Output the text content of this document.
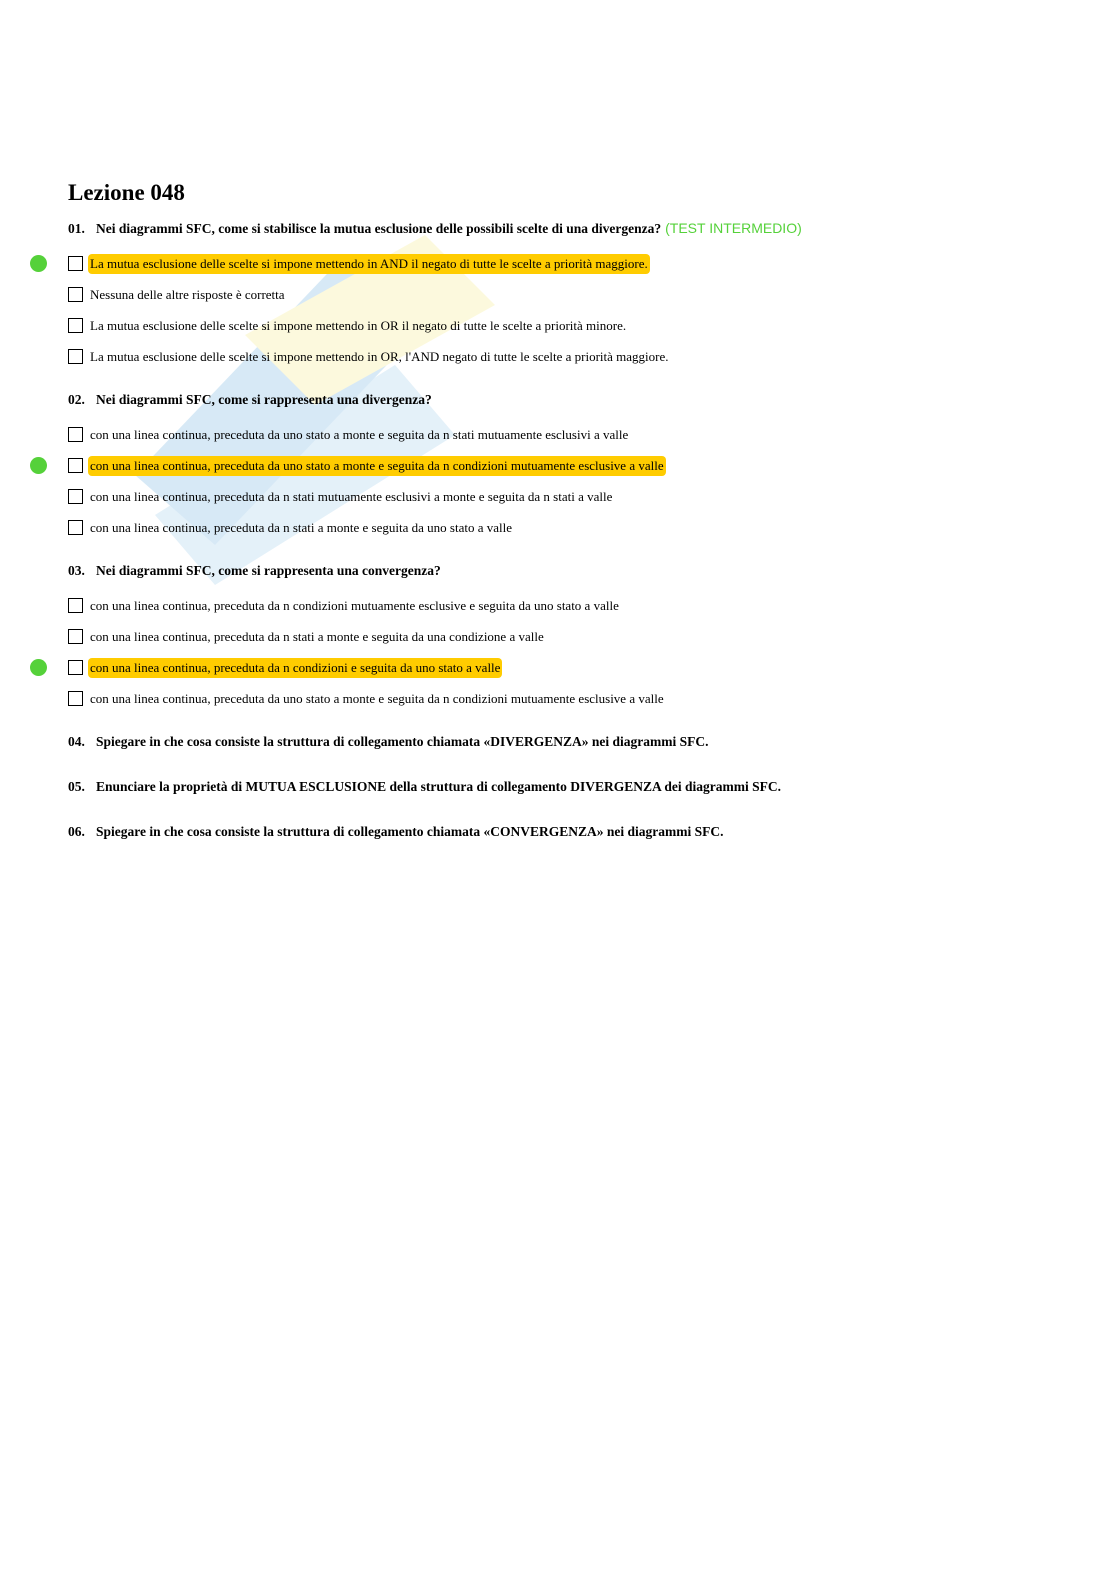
Lezione 048
01. Nei diagrammi SFC, come si stabilisce la mutua esclusione delle possibili scelte di una divergenza? (TEST INTERMEDIO)
La mutua esclusione delle scelte si impone mettendo in AND il negato di tutte le scelte a priorità maggiore.
Nessuna delle altre risposte è corretta
La mutua esclusione delle scelte si impone mettendo in OR il negato di tutte le scelte a priorità minore.
La mutua esclusione delle scelte si impone mettendo in OR, l'AND negato di tutte le scelte a priorità maggiore.
02. Nei diagrammi SFC, come si rappresenta una divergenza?
con una linea continua, preceduta da uno stato a monte e seguita da n stati mutuamente esclusivi a valle
con una linea continua, preceduta da uno stato a monte e seguita da n condizioni mutuamente esclusive a valle
con una linea continua, preceduta da n stati mutuamente esclusivi a monte e seguita da n stati a valle
con una linea continua, preceduta da n stati a monte e seguita da uno stato a valle
03. Nei diagrammi SFC, come si rappresenta una convergenza?
con una linea continua, preceduta da n condizioni mutuamente esclusive e seguita da uno stato a valle
con una linea continua, preceduta da n stati a monte e seguita da una condizione a valle
con una linea continua, preceduta da n condizioni e seguita da uno stato a valle
con una linea continua, preceduta da uno stato a monte e seguita da n condizioni mutuamente esclusive a valle
04. Spiegare in che cosa consiste la struttura di collegamento chiamata «DIVERGENZA» nei diagrammi SFC.
05. Enunciare la proprietà di MUTUA ESCLUSIONE della struttura di collegamento DIVERGENZA dei diagrammi SFC.
06. Spiegare in che cosa consiste la struttura di collegamento chiamata «CONVERGENZA» nei diagrammi SFC.
